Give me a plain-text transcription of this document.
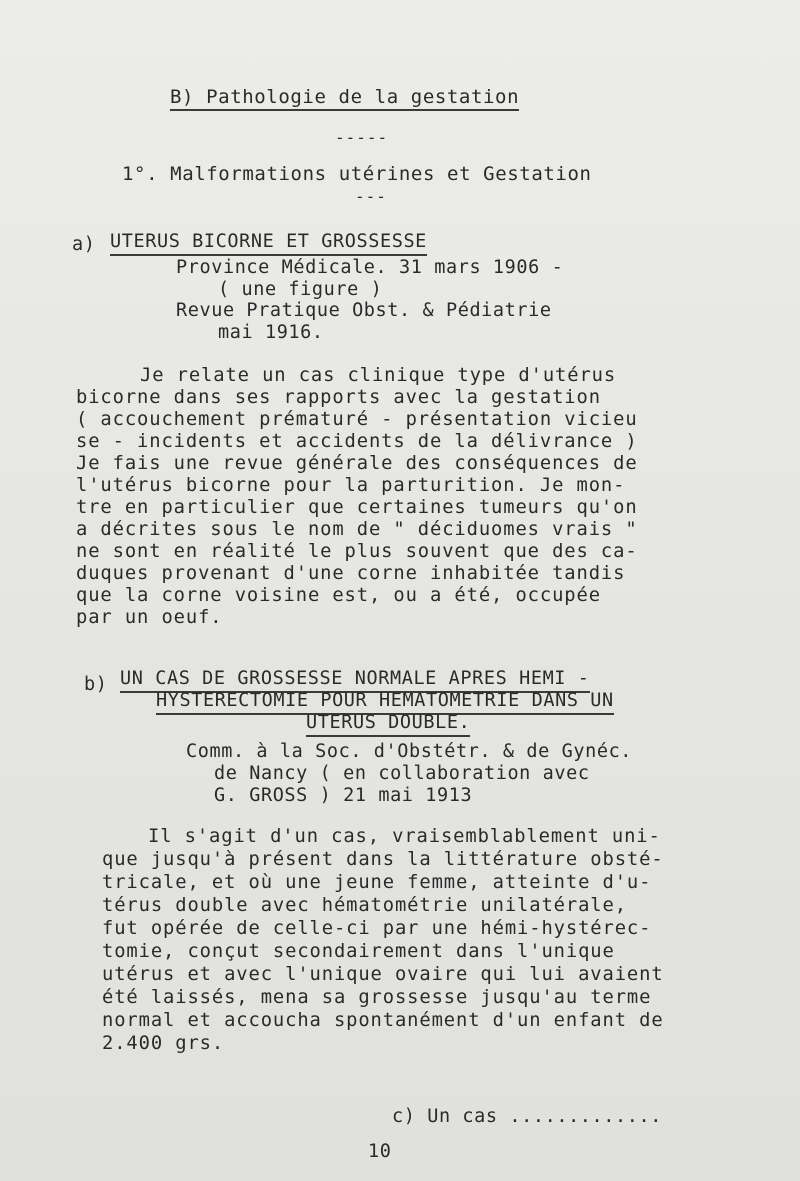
B) Pathologie de la gestation
-----
1°. Malformations utérines et Gestation
---
a) UTERUS BICORNE ET GROSSESSE
Province Médicale. 31 mars 1906 -
( une figure )
Revue Pratique Obst. & Pédiatrie
mai 1916.
Je relate un cas clinique type d'utérus
bicorne dans ses rapports avec la gestation
( accouchement prématuré - présentation vicieu
se - incidents et accidents de la délivrance )
Je fais une revue générale des conséquences de
l'utérus bicorne pour la parturition. Je mon-
tre en particulier que certaines tumeurs qu'on
a décrites sous le nom de " déciduomes vrais "
ne sont en réalité le plus souvent que des ca-
duques provenant d'une corne inhabitée tandis
que la corne voisine est, ou a été, occupée
par un oeuf.
b) UN CAS DE GROSSESSE NORMALE APRES HEMI -
HYSTERECTOMIE POUR HEMATOMETRIE DANS UN
UTERUS DOUBLE.
Comm. à la Soc. d'Obstétr. & de Gynéc.
de Nancy ( en collaboration avec
G. GROSS ) 21 mai 1913
Il s'agit d'un cas, vraisemblablement uni-
que jusqu'à présent dans la littérature obsté-
tricale, et où une jeune femme, atteinte d'u-
térus double avec hématométrie unilatérale,
fut opérée de celle-ci par une hémi-hystérec-
tomie, conçut secondairement dans l'unique
utérus et avec l'unique ovaire qui lui avaient
été laissés, mena sa grossesse jusqu'au terme
normal et accoucha spontanément d'un enfant de
2.400 grs.
c) Un cas .............
10
